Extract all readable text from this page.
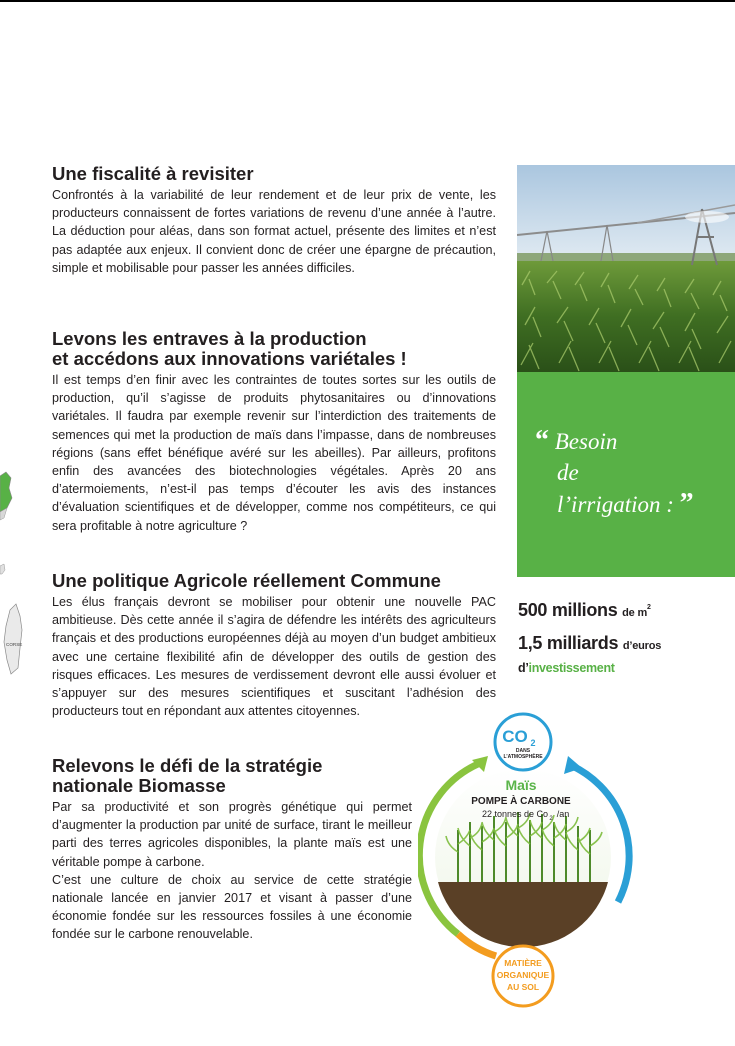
Une fiscalité à revisiter

Confrontés à la variabilité de leur rendement et de leur prix de vente, les producteurs connaissent de fortes variations de revenu d’une année à l’autre. La déduction pour aléas, dans son format actuel, présente des limites et n’est pas adaptée aux enjeux. Il convient donc de créer une épargne de précaution, simple et mobilisable pour passer les années difficiles.

Levons les entraves à la production
et accédons aux innovations variétales !

Il est temps d’en finir avec les contraintes de toutes sortes sur les outils de production, qu’il s’agisse de produits phytosanitaires ou d’innovations variétales. Il faudra par exemple revenir sur l’interdiction des traitements de semences qui met la production de maïs dans l’impasse, dans de nombreuses régions (sans effet bénéfique avéré sur les abeilles). Par ailleurs, profitons enfin des avancées des biotechnologies végétales. Après 20 ans d’atermoiements, n’est-il pas temps d’écouter les avis des instances d’évaluation scientifiques et de développer, comme nos compétiteurs, ce qui sera profitable à notre agriculture ?

Une politique Agricole réellement Commune

Les élus français devront se mobiliser pour obtenir une nouvelle PAC ambitieuse. Dès cette année il s’agira de défendre les intérêts des agriculteurs français et des productions européennes déjà au moyen d’un budget ambitieux avec une certaine flexibilité afin de développer des outils de gestion des risques efficaces. Les mesures de verdissement devront elle aussi évoluer et s’appuyer sur des mesures scientifiques et suscitant l’adhésion des producteurs tout en répondant aux attentes citoyennes.

Relevons le défi de la stratégie
nationale Biomasse

Par sa productivité et son progrès génétique qui permet d’augmenter la production par unité de surface, tirant le meilleur parti des terres agricoles disponibles, la plante maïs est une véritable pompe à carbone.

C’est une culture de choix au service de cette stratégie nationale lancée en janvier 2017 et visant à passer d’une économie fondée sur les ressources fossiles à une économie fondée sur le carbone renouvelable.

“ Besoin
de
l’irrigation : ”
500 millions de $m^2$
1,5 milliards d’euros
d’investissement
CORSE
CO 2
DANS
L’ATMOSPHÈRE
Maïs
POMPE À CARBONE
22 tonnes de Co 2 /an
MATIÈRE
ORGANIQUE
AU SOL
